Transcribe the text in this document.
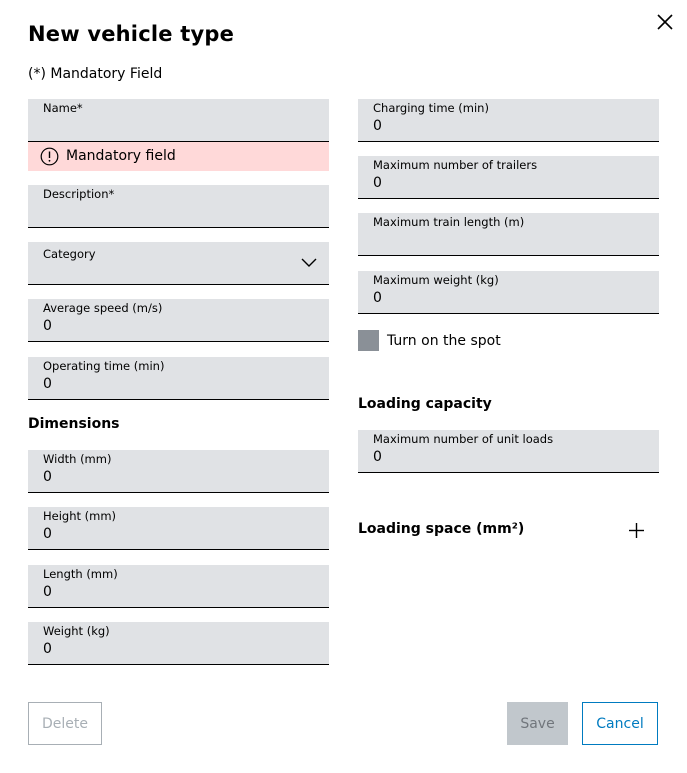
New vehicle type
(*) Mandatory Field
Name*
Mandatory field
Description*
Category
Average speed (m/s)
0
Operating time (min)
0
Dimensions
Width (mm)
0
Height (mm)
0
Length (mm)
0
Weight (kg)
0
Charging time (min)
0
Maximum number of trailers
0
Maximum train length (m)
Maximum weight (kg)
0
Turn on the spot
Loading capacity
Maximum number of unit loads
0
Loading space (mm²)
Delete	Save	Cancel
